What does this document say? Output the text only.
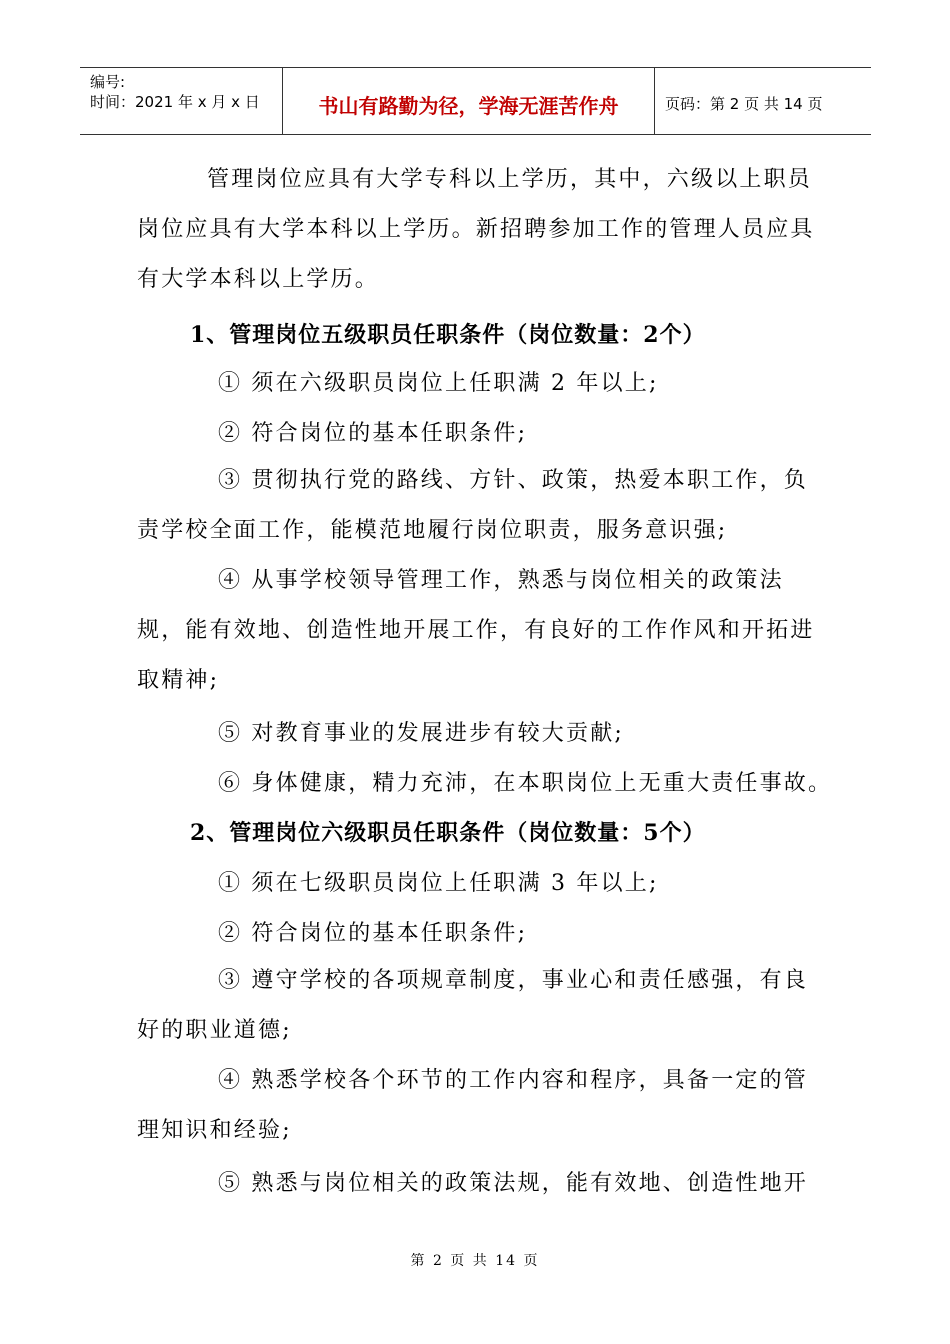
编号:
时间：2021 年 x 月 x 日	书山有路勤为径，学海无涯苦作舟	页码：第 2 页 共 14 页
管理岗位应具有大学专科以上学历，其中，六级以上职员岗位应具有大学本科以上学历。新招聘参加工作的管理人员应具有大学本科以上学历。
1、管理岗位五级职员任职条件（岗位数量：2个）
① 须在六级职员岗位上任职满 2 年以上;
② 符合岗位的基本任职条件;
③ 贯彻执行党的路线、方针、政策，热爱本职工作，负责学校全面工作，能模范地履行岗位职责，服务意识强;
④ 从事学校领导管理工作，熟悉与岗位相关的政策法规，能有效地、创造性地开展工作，有良好的工作作风和开拓进取精神;
⑤ 对教育事业的发展进步有较大贡献;
⑥ 身体健康，精力充沛，在本职岗位上无重大责任事故。
2、管理岗位六级职员任职条件（岗位数量：5个）
① 须在七级职员岗位上任职满 3 年以上;
② 符合岗位的基本任职条件;
③ 遵守学校的各项规章制度，事业心和责任感强，有良好的职业道德;
④ 熟悉学校各个环节的工作内容和程序，具备一定的管理知识和经验;
⑤ 熟悉与岗位相关的政策法规，能有效地、创造性地开
第 2 页 共 14 页
